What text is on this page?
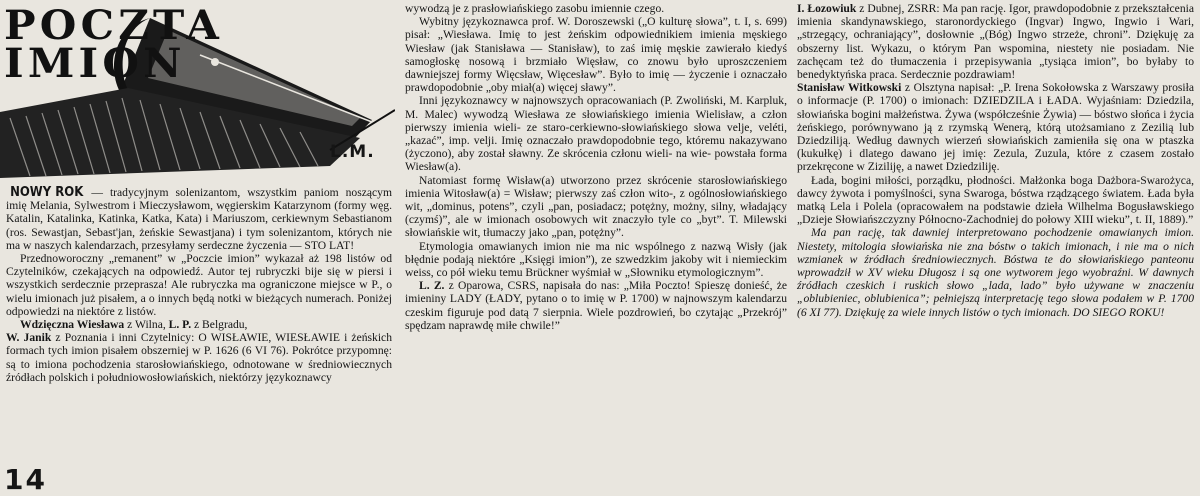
POCZTA
IMION
L.M.

NOWY ROK — tradycyjnym solenizantom, wszystkim paniom noszącym imię Melania, Sylwestrom i Mieczysławom, węgierskim Katarzynom (formy węg. Katalin, Katalinka, Katinka, Katka, Kata) i Mariuszom, cerkiewnym Sebastianom (ros. Sewastjan, Sebast'jan, żeńskie Sewastjana) i tym solenizantom, których nie ma w naszych kalendarzach, przesyłamy serdeczne życzenia — STO LAT!

Przednoworoczny „remanent” w „Poczcie imion” wykazał aż 198 listów od Czytelników, czekających na odpowiedź. Autor tej rubryczki bije się w piersi i wszystkich serdecznie przeprasza! Ale rubryczka ma ograniczone miejsce w P., o wielu imionach już pisałem, a o innych będą notki w bieżących numerach. Poniżej odpowiedzi na niektóre z listów.

Wdzięczna Wiesława z Wilna, L. P. z Belgradu,
W. Janik z Poznania i inni Czytelnicy: O WISŁAWIE, WIESŁAWIE i żeńskich formach tych imion pisałem obszerniej w P. 1626 (6 VI 76). Pokrótce przypomnę: są to imiona pochodzenia starosłowiańskiego, odnotowane w średniowiecznych źródłach polskich i południowosłowiańskich, niektórzy językoznawcy

wywodzą je z prasłowiańskiego zasobu imiennie czego.

Wybitny językoznawca prof. W. Doroszewski („O kulturę słowa”, t. I, s. 699) pisał: „Wiesława. Imię to jest żeńskim odpowiednikiem imienia męskiego Wiesław (jak Stanisława — Stanisław), to zaś imię męskie zawierało kiedyś samogłoskę nosową i brzmiało Więsław, co znowu było uproszczeniem dawniejszej formy Więcsław, Więcesław”. Było to imię — życzenie i oznaczało prawdopodobnie „oby miał(a) więcej sławy”.

Inni językoznawcy w najnowszych opracowaniach (P. Zwoliński, M. Karpluk, M. Malec) wywodzą Wiesława ze słowiańskiego imienia Wielisław, a człon pierwszy imienia wieli- ze staro-cerkiewno-słowiańskiego słowa velje, veléti, „kazać”, imp. velji. Imię oznaczało prawdopodobnie tego, któremu nakazywano (życzono), aby został sławny. Ze skrócenia członu wieli- na wie- powstała forma Wiesław(a).

Natomiast formę Wisław(a) utworzono przez skrócenie starosłowiańskiego imienia Witosław(a) = Wisław; pierwszy zaś człon wito-, z ogólnosłowiańskiego wit, „dominus, potens”, czyli „pan, posiadacz; potężny, możny, silny, władający (czymś)”, ale w imionach osobowych wit znaczyło tyle co „byt”. T. Milewski słowiańskie wit, tłumaczy jako „pan, potężny”.

Etymologia omawianych imion nie ma nic wspólnego z nazwą Wisły (jak błędnie podają niektóre „Księgi imion”), ze szwedzkim jakoby wit i niemieckim weiss, co pół wieku temu Brückner wyśmiał w „Słowniku etymologicznym”.

L. Z. z Oparowa, CSRS, napisała do nas: „Miła Poczto! Spieszę donieść, że imieniny LADY (ŁADY, pytano o to imię w P. 1700) w najnowszym kalendarzu czeskim figuruje pod datą 7 sierpnia. Wiele pozdrowień, bo czytając „Przekrój” spędzam naprawdę miłe chwile!”

I. Łozowiuk z Dubnej, ZSRR: Ma pan rację. Igor, prawdopodobnie z przekształcenia imienia skandynawskiego, staronordyckiego (Ingvar) Ingwo, Ingwio i Wari, „strzegący, ochraniający”, dosłownie „(Bóg) Ingwo strzeże, chroni”. Dziękuję za obszerny list. Wykazu, o którym Pan wspomina, niestety nie posiadam. Nie zachęcam też do tłumaczenia i przepisywania „tysiąca imion”, bo byłaby to benedyktyńska praca. Serdecznie pozdrawiam!

Stanisław Witkowski z Olsztyna napisał: „P. Irena Sokołowska z Warszawy prosiła o informacje (P. 1700) o imionach: DZIEDZILA i ŁADA. Wyjaśniam: Dziedzila, słowiańska bogini małżeństwa. Żywa (współcześnie Żywia) — bóstwo słońca i życia żeńskiego, porównywano ją z rzymską Wenerą, którą utożsamiano z Zezilią lub Dziedziliją. Według dawnych wierzeń słowiańskich zamieniła się ona w ptaszka (kukułkę) i dlatego dawano jej imię: Zezula, Zuzula, które z czasem zostało przekręcone w Ziziliję, a nawet Dziedziliję.

Łada, bogini miłości, porządku, płodności. Małżonka boga Dażbora-Swarożyca, dawcy żywota i pomyślności, syna Swaroga, bóstwa rządzącego światem. Łada była matką Lela i Polela (opracowałem na podstawie dzieła Wilhelma Bogusławskiego „Dzieje Słowiańszczyzny Północno-Zachodniej do połowy XIII wieku”, t. II, 1889).”

Ma pan rację, tak dawniej interpretowano pochodzenie omawianych imion. Niestety, mitologia słowiańska nie zna bóstw o takich imionach, i nie ma o nich wzmianek w źródłach średniowiecznych. Bóstwa te do słowiańskiego panteonu wprowadził w XV wieku Długosz i są one wytworem jego wyobraźni. W dawnych źródłach czeskich i ruskich słowo „lada, lado” było używane w znaczeniu „oblubieniec, oblubienica”; pełniejszą interpretację tego słowa podałem w P. 1700 (6 XI 77). Dziękuję za wiele innych listów o tych imionach. DO SIEGO ROKU!

14
